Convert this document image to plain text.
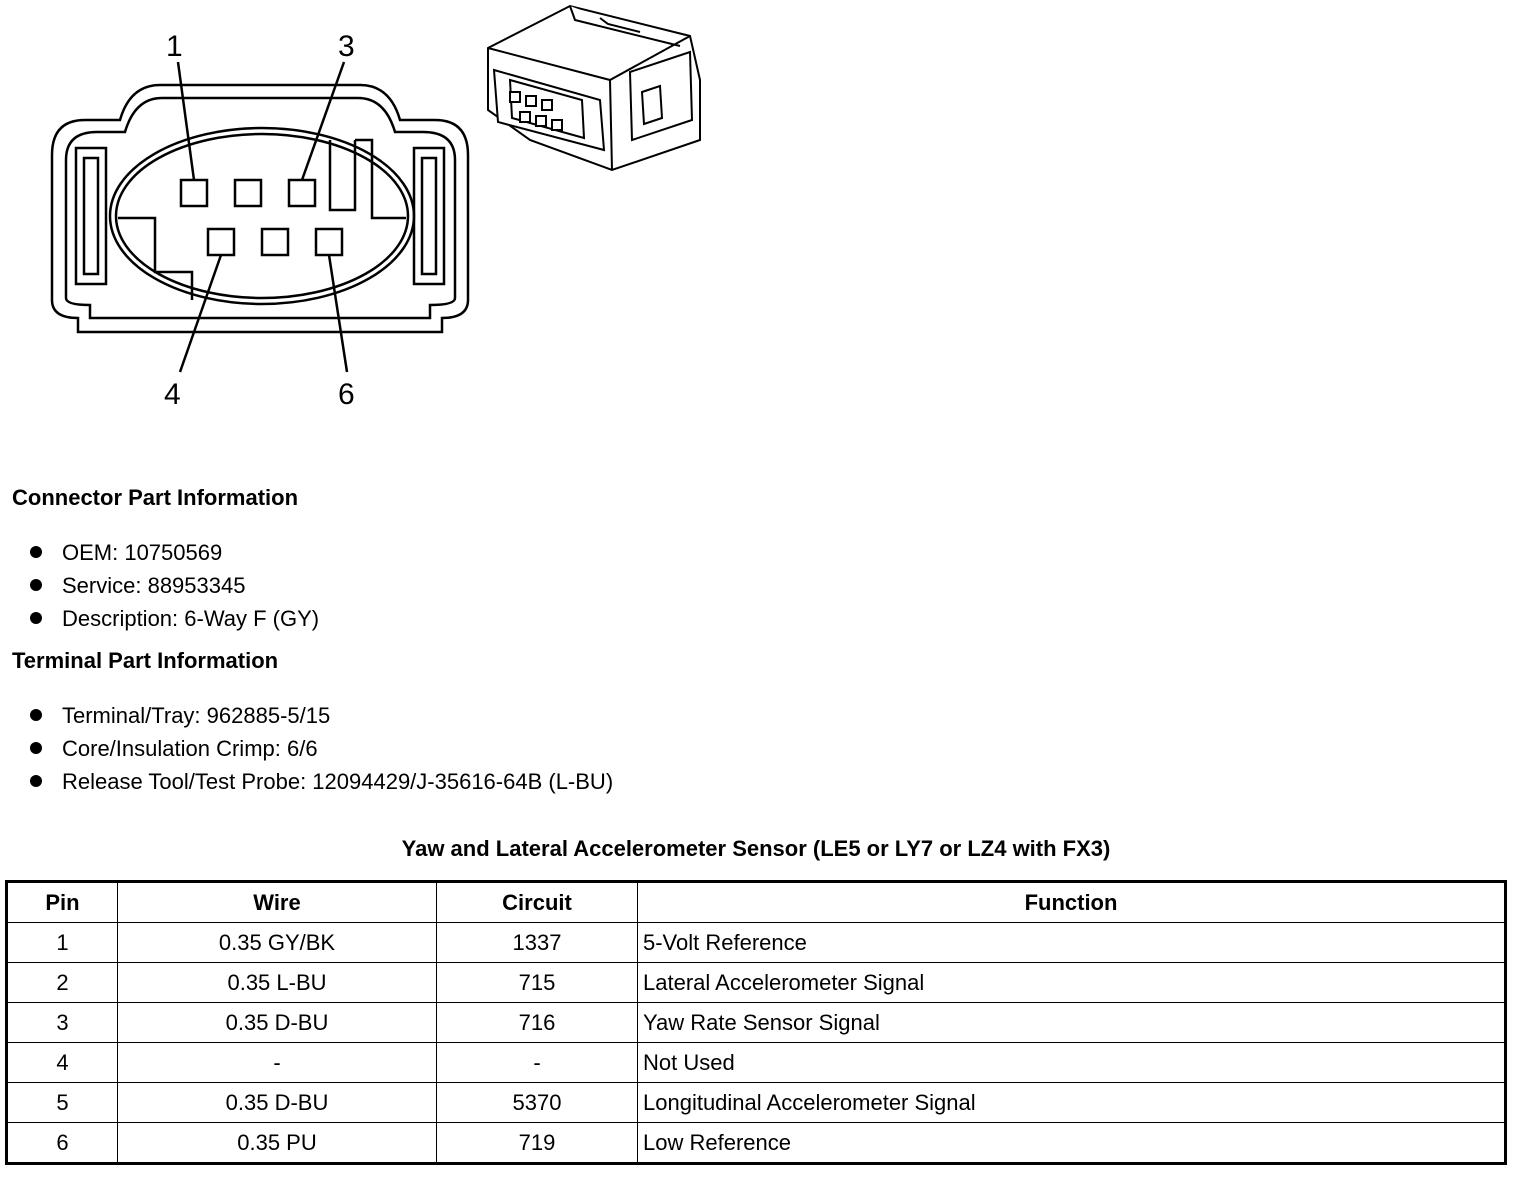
1	3
4	6
Connector Part Information
OEM: 10750569
Service: 88953345
Description: 6-Way F (GY)
Terminal Part Information
Terminal/Tray: 962885-5/15
Core/Insulation Crimp: 6/6
Release Tool/Test Probe: 12094429/J-35616-64B (L-BU)
Yaw and Lateral Accelerometer Sensor (LE5 or LY7 or LZ4 with FX3)
Pin	Wire	Circuit	Function
1	0.35 GY/BK	1337	5-Volt Reference
2	0.35 L-BU	715	Lateral Accelerometer Signal
3	0.35 D-BU	716	Yaw Rate Sensor Signal
4	-	-	Not Used
5	0.35 D-BU	5370	Longitudinal Accelerometer Signal
6	0.35 PU	719	Low Reference
